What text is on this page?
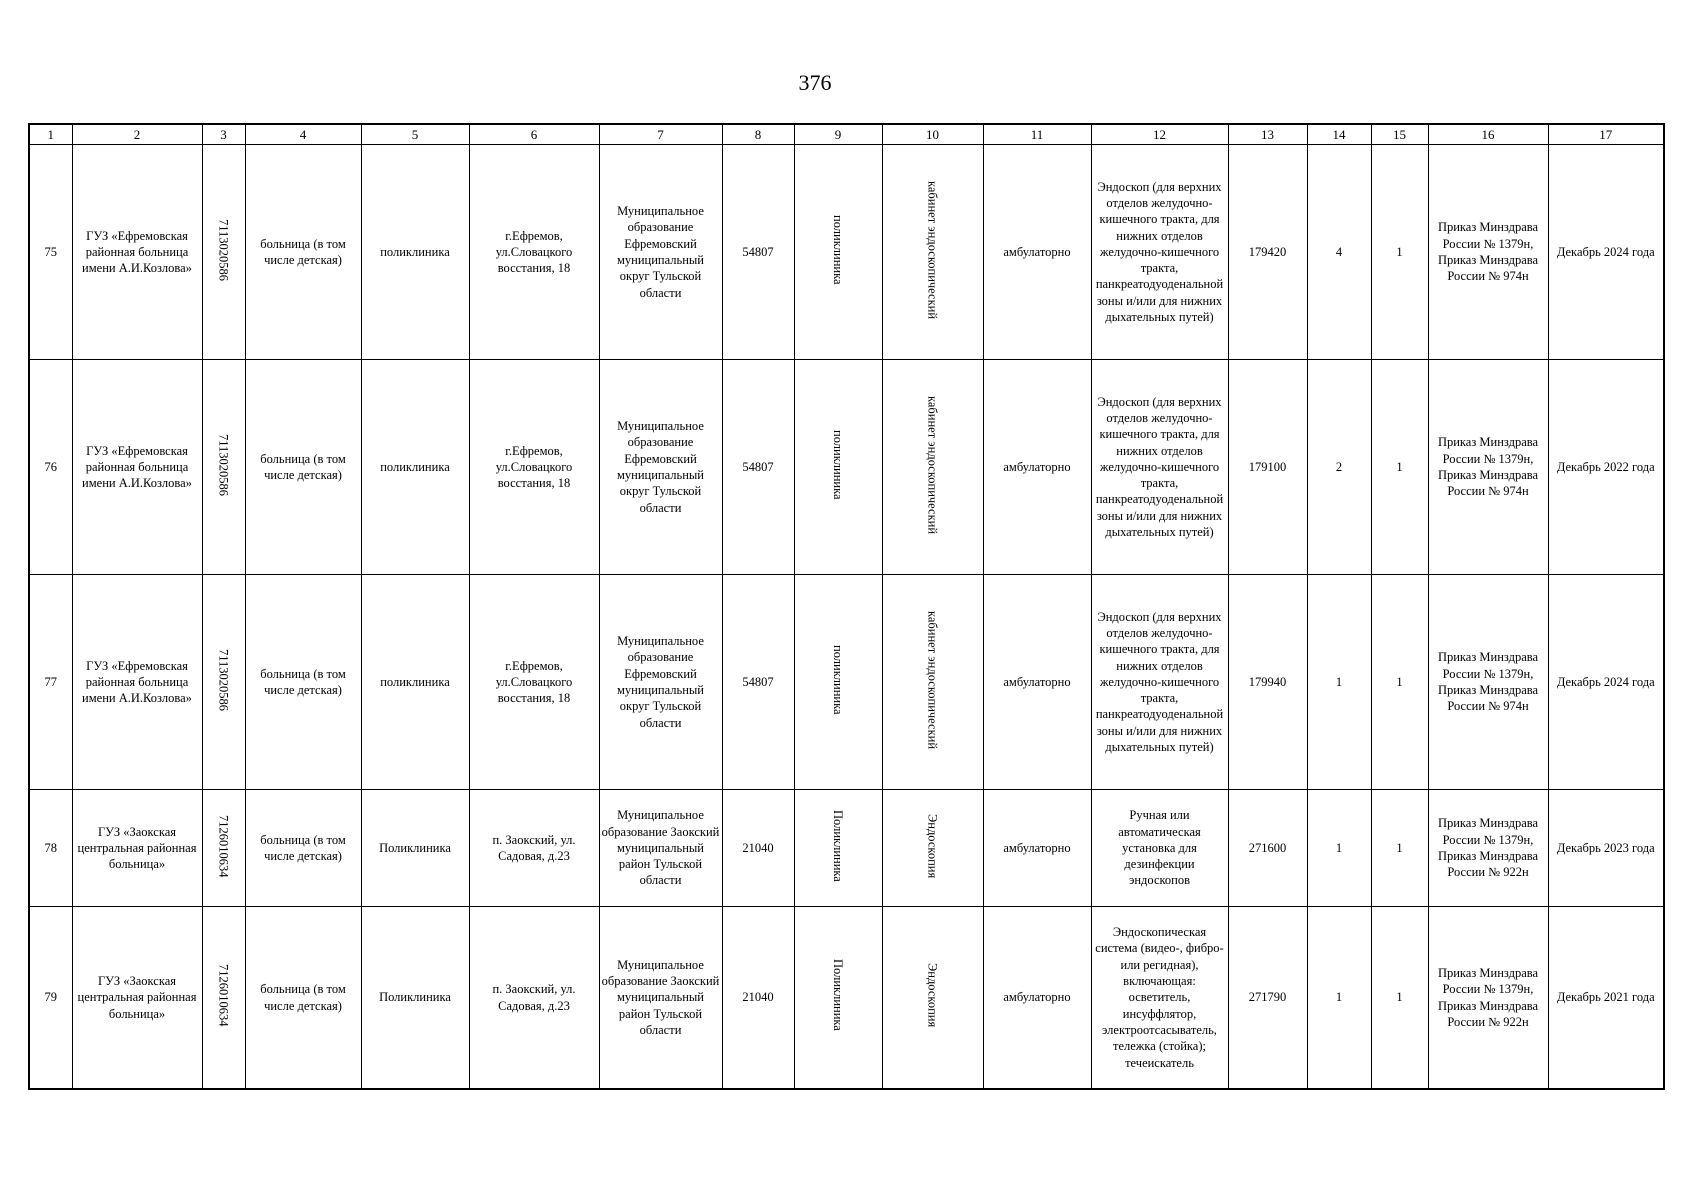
376
1	2	3	4	5	6	7	8	9	10	11	12	13	14	15	16	17
75	ГУЗ «Ефремовская районная больница имени А.И.Козлова»	7113020586	больница (в том числе детская)	поликлиника	г.Ефремов, ул.Словацкого восстания, 18	Муниципальное образование Ефремовский муниципальный округ Тульской области	54807	поликлиника	кабинет эндоскопический	амбулаторно	Эндоскоп (для верхних отделов желудочно-кишечного тракта, для нижних отделов желудочно-кишечного тракта, панкреатодуоденальной зоны и/или для нижних дыхательных путей)	179420	4	1	Приказ Минздрава России № 1379н, Приказ Минздрава России № 974н	Декабрь 2024 года
76	ГУЗ «Ефремовская районная больница имени А.И.Козлова»	7113020586	больница (в том числе детская)	поликлиника	г.Ефремов, ул.Словацкого восстания, 18	Муниципальное образование Ефремовский муниципальный округ Тульской области	54807	поликлиника	кабинет эндоскопический	амбулаторно	Эндоскоп (для верхних отделов желудочно-кишечного тракта, для нижних отделов желудочно-кишечного тракта, панкреатодуоденальной зоны и/или для нижних дыхательных путей)	179100	2	1	Приказ Минздрава России № 1379н, Приказ Минздрава России № 974н	Декабрь 2022 года
77	ГУЗ «Ефремовская районная больница имени А.И.Козлова»	7113020586	больница (в том числе детская)	поликлиника	г.Ефремов, ул.Словацкого восстания, 18	Муниципальное образование Ефремовский муниципальный округ Тульской области	54807	поликлиника	кабинет эндоскопический	амбулаторно	Эндоскоп (для верхних отделов желудочно-кишечного тракта, для нижних отделов желудочно-кишечного тракта, панкреатодуоденальной зоны и/или для нижних дыхательных путей)	179940	1	1	Приказ Минздрава России № 1379н, Приказ Минздрава России № 974н	Декабрь 2024 года
78	ГУЗ «Заокская центральная районная больница»	7126010634	больница (в том числе детская)	Поликлиника	п. Заокский, ул. Садовая, д.23	Муниципальное образование Заокский муниципальный район Тульской области	21040	Поликлиника	Эндоскопия	амбулаторно	Ручная или автоматическая установка для дезинфекции эндоскопов	271600	1	1	Приказ Минздрава России № 1379н, Приказ Минздрава России № 922н	Декабрь 2023 года
79	ГУЗ «Заокская центральная районная больница»	7126010634	больница (в том числе детская)	Поликлиника	п. Заокский, ул. Садовая, д.23	Муниципальное образование Заокский муниципальный район Тульской области	21040	Поликлиника	Эндоскопия	амбулаторно	Эндоскопическая система (видео-, фибро- или регидная), включающая: осветитель, инсуффлятор, электроотсасыватель, тележка (стойка); течеискатель	271790	1	1	Приказ Минздрава России № 1379н, Приказ Минздрава России № 922н	Декабрь 2021 года
